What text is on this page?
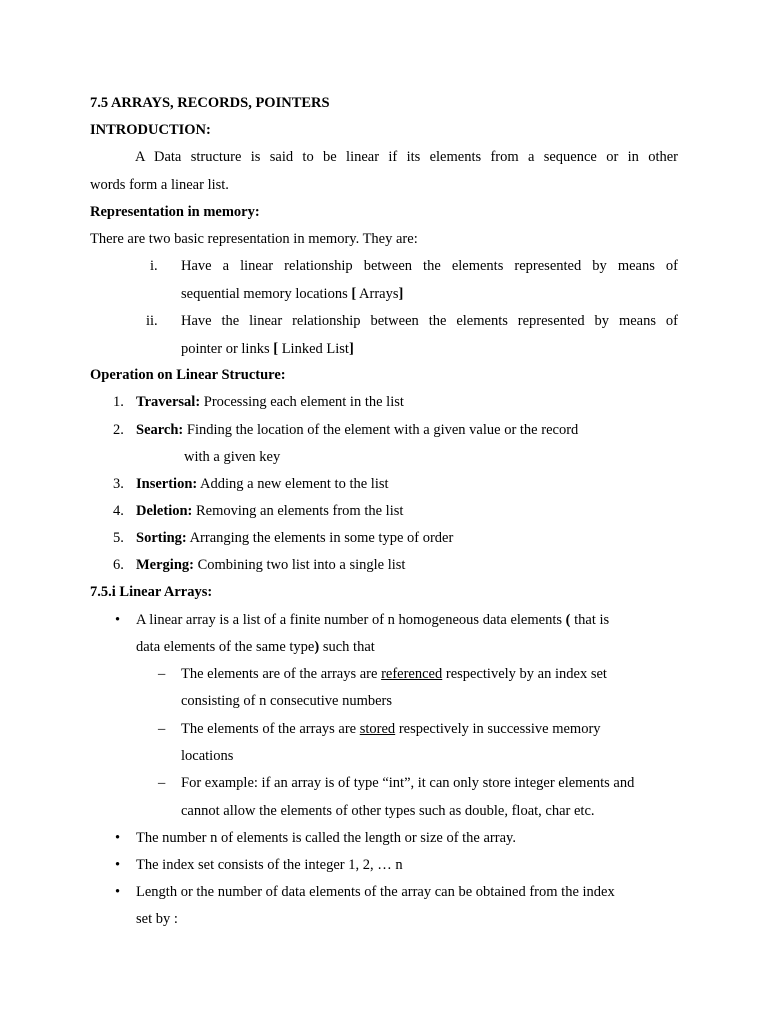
7.5 ARRAYS, RECORDS, POINTERS
INTRODUCTION:
A Data structure is said to be linear if its elements from a sequence or in other
words form a linear list.
Representation in memory:
There are two basic representation in memory. They are:
i. Have a linear relationship between the elements represented by means of
sequential memory locations [ Arrays]
ii. Have the linear relationship between the elements represented by means of
pointer or links [ Linked List]
Operation on Linear Structure:
1. Traversal: Processing each element in the list
2. Search: Finding the location of the element with a given value or the record
with a given key
3. Insertion: Adding a new element to the list
4. Deletion: Removing an elements from the list
5. Sorting: Arranging the elements in some type of order
6. Merging: Combining two list into a single list
7.5.i Linear Arrays:
• A linear array is a list of a finite number of n homogeneous data elements ( that is
data elements of the same type) such that
– The elements are of the arrays are referenced respectively by an index set
consisting of n consecutive numbers
– The elements of the arrays are stored respectively in successive memory
locations
– For example: if an array is of type “int”, it can only store integer elements and
cannot allow the elements of other types such as double, float, char etc.
• The number n of elements is called the length or size of the array.
• The index set consists of the integer 1, 2, … n
• Length or the number of data elements of the array can be obtained from the index
set by :
